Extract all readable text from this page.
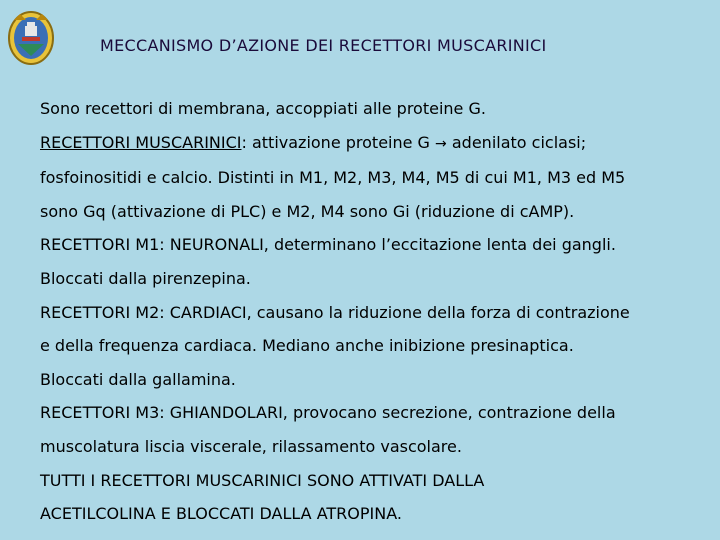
MECCANISMO D’AZIONE DEI RECETTORI MUSCARINICI
Sono recettori di membrana, accoppiati alle proteine G.
RECETTORI MUSCARINICI: attivazione proteine G → adenilato ciclasi;
fosfoinositidi e calcio. Distinti in M1, M2, M3, M4, M5 di cui M1, M3 ed M5
sono Gq (attivazione di PLC) e M2, M4 sono Gi (riduzione di cAMP).
RECETTORI M1: NEURONALI, determinano l’eccitazione lenta dei gangli.
Bloccati dalla pirenzepina.
RECETTORI M2: CARDIACI, causano la riduzione della forza di contrazione
e della frequenza cardiaca. Mediano anche inibizione presinaptica.
Bloccati dalla gallamina.
RECETTORI M3: GHIANDOLARI, provocano secrezione, contrazione della
muscolatura liscia viscerale, rilassamento vascolare.
TUTTI I RECETTORI MUSCARINICI SONO ATTIVATI DALLA
ACETILCOLINA E BLOCCATI DALLA ATROPINA.
